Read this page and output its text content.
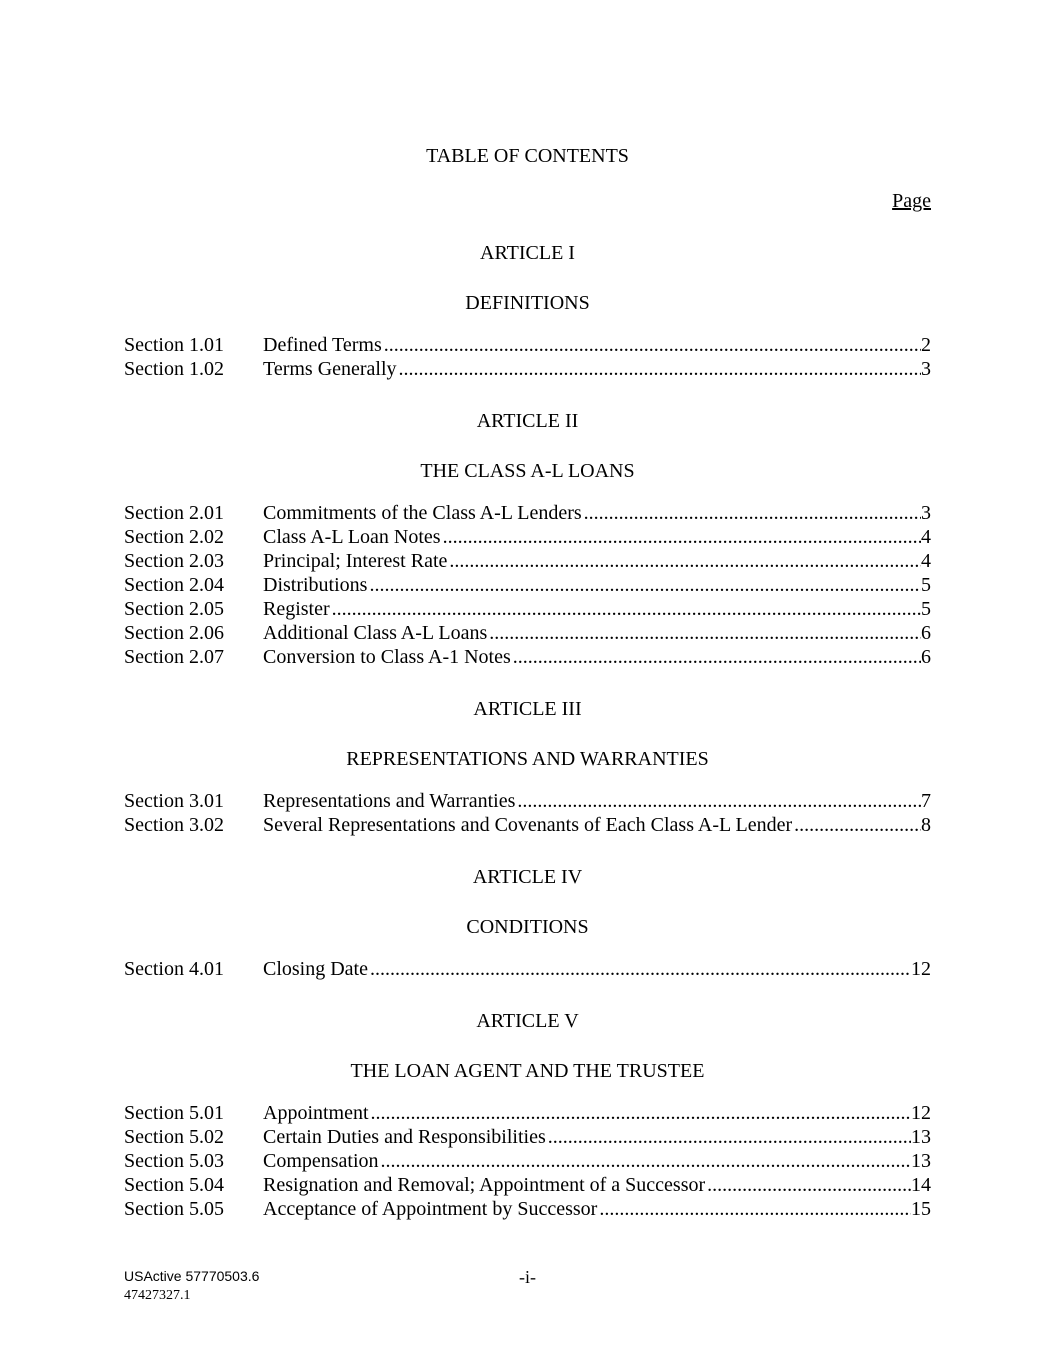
TABLE OF CONTENTS
Page
ARTICLE I
DEFINITIONS
Section 1.01	Defined Terms .....	2
Section 1.02	Terms Generally .....	3
ARTICLE II
THE CLASS A-L LOANS
Section 2.01	Commitments of the Class A-L Lenders .....	3
Section 2.02	Class A-L Loan Notes .....	4
Section 2.03	Principal; Interest Rate .....	4
Section 2.04	Distributions .....	5
Section 2.05	Register .....	5
Section 2.06	Additional Class A-L Loans .....	6
Section 2.07	Conversion to Class A-1 Notes .....	6
ARTICLE III
REPRESENTATIONS AND WARRANTIES
Section 3.01	Representations and Warranties .....	7
Section 3.02	Several Representations and Covenants of Each Class A-L Lender .....	8
ARTICLE IV
CONDITIONS
Section 4.01	Closing Date .....	12
ARTICLE V
THE LOAN AGENT AND THE TRUSTEE
Section 5.01	Appointment .....	12
Section 5.02	Certain Duties and Responsibilities .....	13
Section 5.03	Compensation .....	13
Section 5.04	Resignation and Removal; Appointment of a Successor .....	14
Section 5.05	Acceptance of Appointment by Successor .....	15
USActive 57770503.6
47427327.1
-i-
